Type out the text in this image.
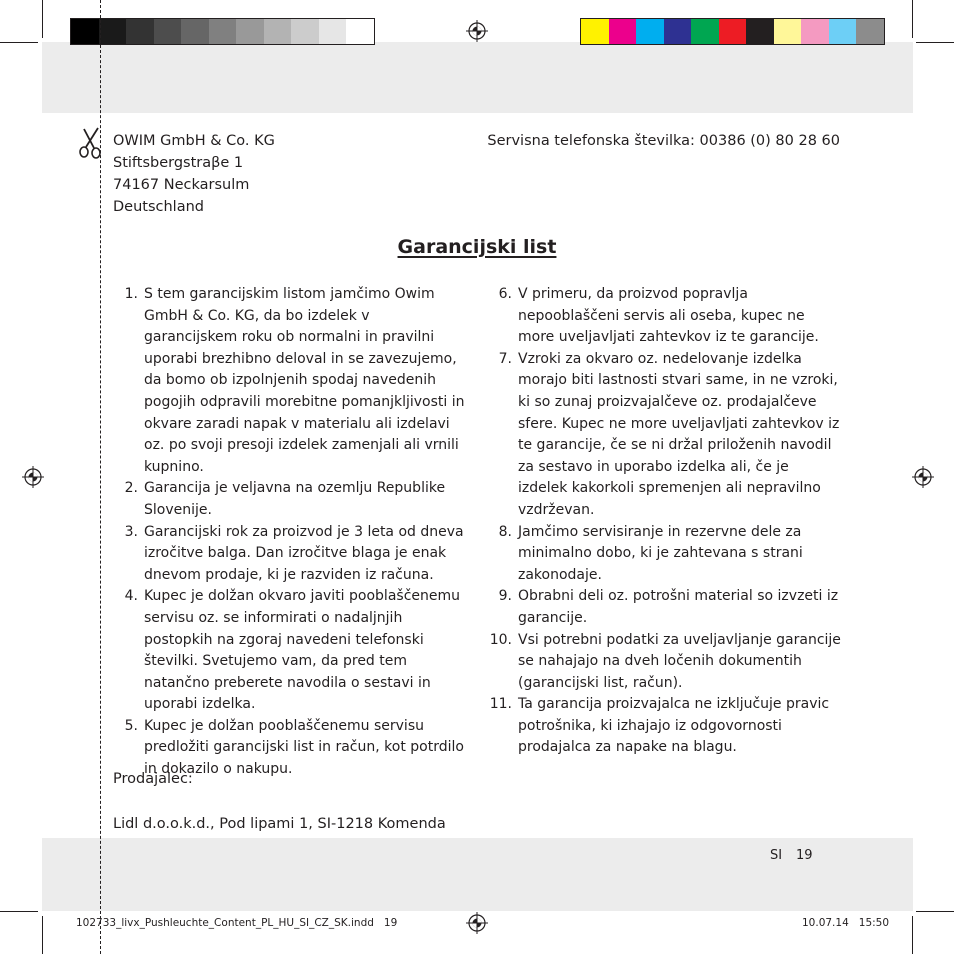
OWIM GmbH & Co. KG
Stiftsbergstraβe 1
74167 Neckarsulm
Deutschland
Servisna telefonska številka: 00386 (0) 80 28 60
Garancijski list
1. S tem garancijskim listom jamčimo Owim GmbH & Co. KG, da bo izdelek v garancijskem roku ob normalni in pravilni uporabi brezhibno deloval in se zavezujemo, da bomo ob izpolnjenih spodaj navedenih pogojih odpravili morebitne pomanjkljivosti in okvare zaradi napak v materialu ali izdelavi oz. po svoji presoji izdelek zamenjali ali vrnili kupnino.
2. Garancija je veljavna na ozemlju Republike Slovenije.
3. Garancijski rok za proizvod je 3 leta od dneva izročitve balga. Dan izročitve blaga je enak dnevom prodaje, ki je razviden iz računa.
4. Kupec je dolžan okvaro javiti pooblaščenemu servisu oz. se informirati o nadaljnjih postopkih na zgoraj navedeni telefonski številki. Svetujemo vam, da pred tem natančno preberete navodila o sestavi in uporabi izdelka.
5. Kupec je dolžan pooblaščenemu servisu predložiti garancijski list in račun, kot potrdilo in dokazilo o nakupu.
6. V primeru, da proizvod popravlja nepooblaščeni servis ali oseba, kupec ne more uveljavljati zahtevkov iz te garancije.
7. Vzroki za okvaro oz. nedelovanje izdelka morajo biti lastnosti stvari same, in ne vzroki, ki so zunaj proizvajalčeve oz. prodajalčeve sfere. Kupec ne more uveljavljati zahtevkov iz te garancije, če se ni držal priloženih navodil za sestavo in uporabo izdelka ali, če je izdelek kakorkoli spremenjen ali nepravilno vzdrževan.
8. Jamčimo servisiranje in rezervne dele za minimalno dobo, ki je zahtevana s strani zakonodaje.
9. Obrabni deli oz. potrošni material so izvzeti iz garancije.
10. Vsi potrebni podatki za uveljavljanje garancije se nahajajo na dveh ločenih dokumentih (garancijski list, račun).
11. Ta garancija proizvajalca ne izključuje pravic potrošnika, ki izhajajo iz odgovornosti prodajalca za napake na blagu.
Prodajalec:
Lidl d.o.o.k.d., Pod lipami 1, SI-1218 Komenda
SI 19
102733_livx_Pushleuchte_Content_PL_HU_SI_CZ_SK.indd   19	10.07.14   15:50
